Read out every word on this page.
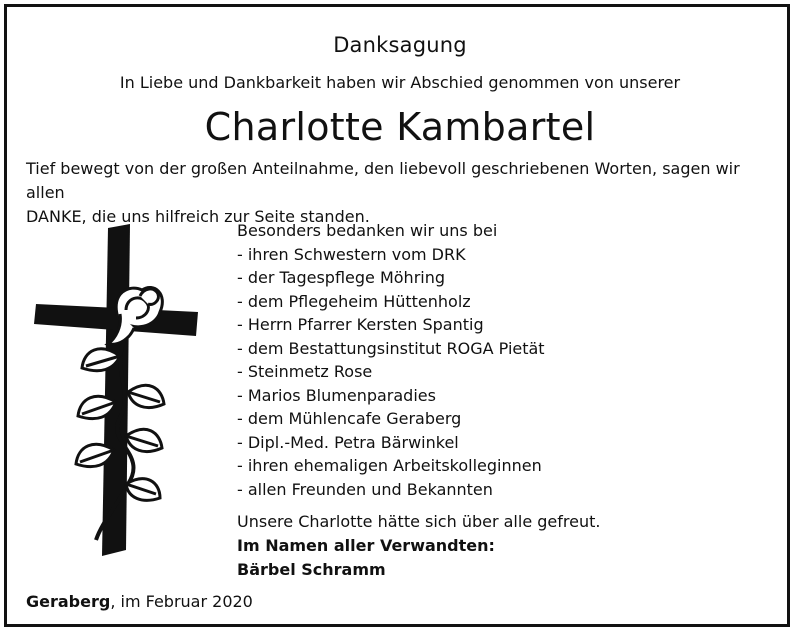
Danksagung
In Liebe und Dankbarkeit haben wir Abschied genommen von unserer
Charlotte Kambartel
Tief bewegt von der großen Anteilnahme, den liebevoll geschriebenen Worten, sagen wir allen
DANKE, die uns hilfreich zur Seite standen.
Besonders bedanken wir uns bei
- ihren Schwestern vom DRK
- der Tagespflege Möhring
- dem Pflegeheim Hüttenholz
- Herrn Pfarrer Kersten Spantig
- dem Bestattungsinstitut ROGA Pietät
- Steinmetz Rose
- Marios Blumenparadies
- dem Mühlencafe Geraberg
- Dipl.-Med. Petra Bärwinkel
- ihren ehemaligen Arbeitskolleginnen
- allen Freunden und Bekannten
Unsere Charlotte hätte sich über alle gefreut.
Im Namen aller Verwandten:
Bärbel Schramm
Geraberg, im Februar 2020
